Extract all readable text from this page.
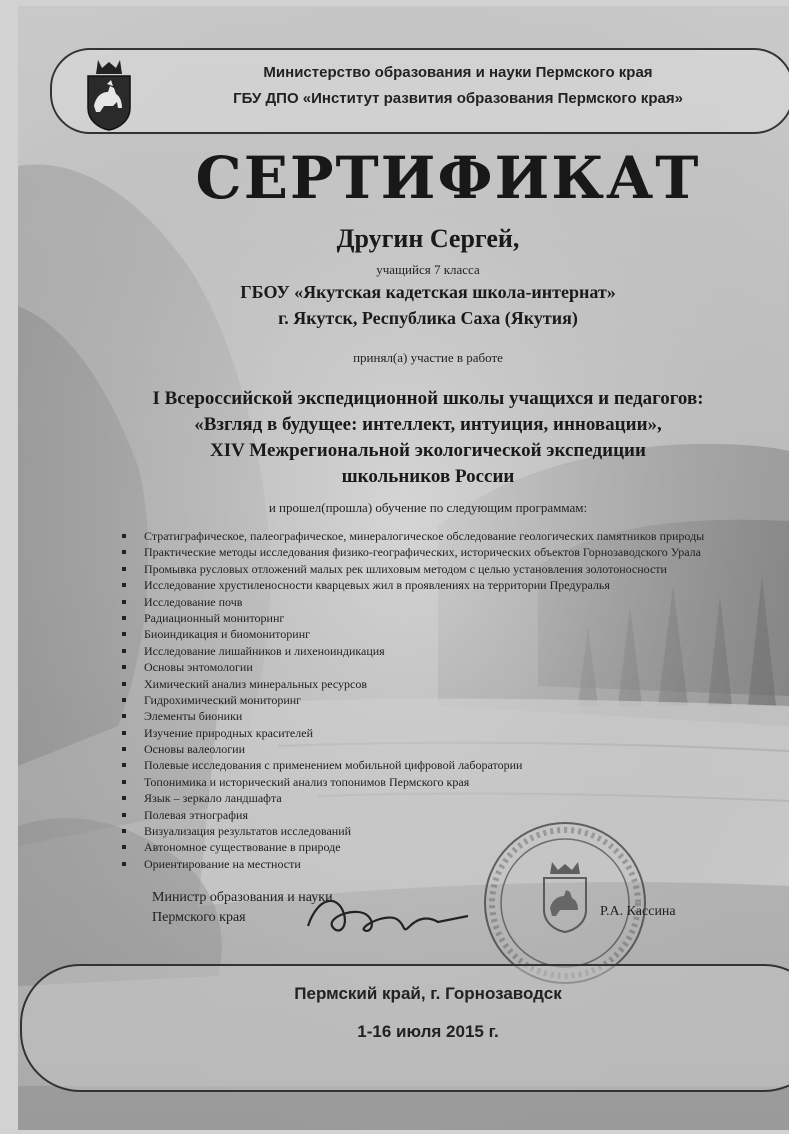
Министерство образования и науки Пермского края
ГБУ ДПО «Институт развития образования Пермского края»
СЕРТИФИКАТ
Другин Сергей,
учащийся 7 класса
ГБОУ «Якутская кадетская школа-интернат»
г. Якутск, Республика Саха (Якутия)
принял(а) участие в работе
I Всероссийской экспедиционной школы учащихся и педагогов:
«Взгляд в будущее: интеллект, интуиция, инновации»,
XIV Межрегиональной экологической экспедиции
школьников России
и прошел(прошла) обучение по следующим программам:
Стратиграфическое, палеографическое, минералогическое обследование геологических памятников природы
Практические методы исследования физико-географических, исторических объектов Горнозаводского Урала
Промывка русловых отложений малых рек шлиховым методом с целью установления золотоносности
Исследование хрустиленосности кварцевых жил в проявлениях на территории Предуралья
Исследование почв
Радиационный мониторинг
Биоиндикация и биомониторинг
Исследование лишайников и лихеноиндикация
Основы энтомологии
Химический анализ минеральных ресурсов
Гидрохимический мониторинг
Элементы бионики
Изучение природных красителей
Основы валеологии
Полевые исследования с применением мобильной цифровой лаборатории
Топонимика и исторический анализ топонимов Пермского края
Язык – зеркало ландшафта
Полевая этнография
Визуализация результатов исследований
Автономное существование в природе
Ориентирование на местности
Министр образования и науки
Пермского края	Р.А. Кассина
Пермский край, г. Горнозаводск
1-16 июля 2015 г.
